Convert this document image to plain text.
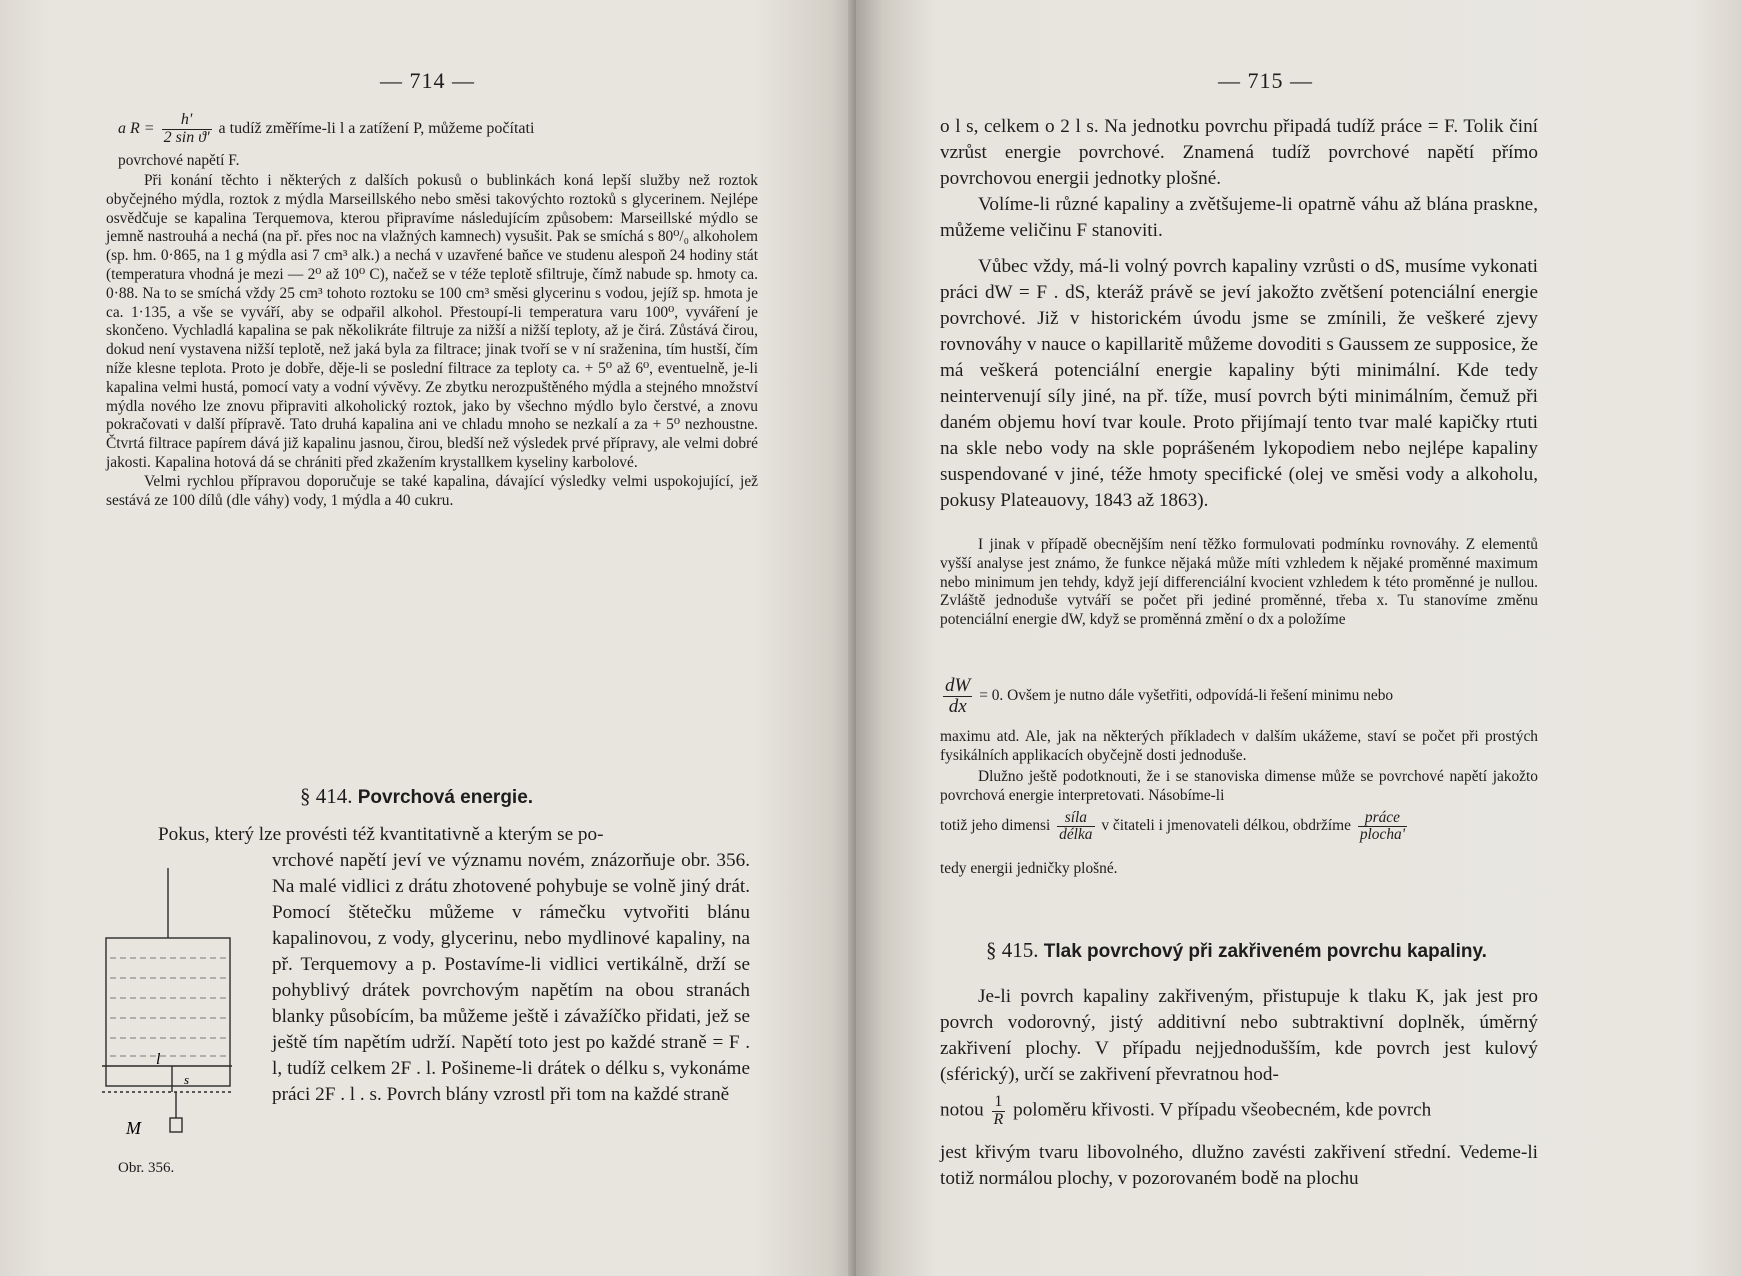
— 714 —
a $R = \frac{h'}{\text{2 sin ϑ'}}$ a tudíž změříme-li l a zatížení P, můžeme počítati
povrchové napětí F.

Při konání těchto i některých z dalších pokusů o bublinkách koná lepší služby než roztok obyčejného mýdla, roztok z mýdla Marseillského nebo směsi takovýchto roztoků s glycerinem. Nejlépe osvědčuje se kapalina Terquemova, kterou připravíme následujícím způsobem: Marseillské mýdlo se jemně nastrouhá a nechá (na př. přes noc na vlažných kamnech) vysušit. Pak se smíchá s 80⁰/₀ alkoholem (sp. hm. 0·865, na 1 g mýdla asi 7 cm³ alk.) a nechá v uzavřené baňce ve studenu alespoň 24 hodiny stát (temperatura vhodná je mezi — 2⁰ až 10⁰ C), načež se v téže teplotě sfiltruje, čímž nabude sp. hmoty ca. 0·88. Na to se smíchá vždy 25 cm³ tohoto roztoku se 100 cm³ směsi glycerinu s vodou, jejíž sp. hmota je ca. 1·135, a vše se vyváří, aby se odpařil alkohol. Přestoupí-li temperatura varu 100⁰, vyváření je skončeno. Vychladlá kapalina se pak několikráte filtruje za nižší a nižší teploty, až je čirá. Zůstává čirou, dokud není vystavena nižší teplotě, než jaká byla za filtrace; jinak tvoří se v ní sraženina, tím hustší, čím níže klesne teplota. Proto je dobře, děje-li se poslední filtrace za teploty ca. + 5⁰ až 6⁰, eventuelně, je-li kapalina velmi hustá, pomocí vaty a vodní vývěvy. Ze zbytku nerozpuštěného mýdla a stejného množství mýdla nového lze znovu připraviti alkoholický roztok, jako by všechno mýdlo bylo čerstvé, a znovu pokračovati v další přípravě. Tato druhá kapalina ani ve chladu mnoho se nezkalí a za + 5⁰ nezhoustne. Čtvrtá filtrace papírem dává již kapalinu jasnou, čirou, bledší než výsledek prvé přípravy, ale velmi dobré jakosti. Kapalina hotová dá se chrániti před zkažením krystallkem kyseliny karbolové.

Velmi rychlou přípravou doporučuje se také kapalina, dávající výsledky velmi uspokojující, jež sestává ze 100 dílů (dle váhy) vody, 1 mýdla a 40 cukru.

§ 414. Povrchová energie.
Pokus, který lze provésti též kvantitativně a kterým se po-
vrchové napětí jeví ve významu novém, znázorňuje obr. 356. Na malé vidlici z drátu zhotovené pohybuje se volně jiný drát. Pomocí štětečku můžeme v rámečku vytvořiti blánu kapalinovou, z vody, glycerinu, nebo mydlinové kapaliny, na př. Terquemovy a p. Postavíme-li vidlici vertikálně, drží se pohyblivý drátek povrchovým napětím na obou stranách blanky působícím, ba můžeme ještě i závažíčko přidati, jež se ještě tím napětím udrží. Napětí toto jest po každé straně = F . l, tudíž celkem 2F . l. Pošineme-li drátek o délku s, vykonáme práci 2F . l . s. Povrch blány vzrostl při tom na každé straně
l
s
M
Obr. 356.
— 715 —
o l s, celkem o 2 l s. Na jednotku povrchu připadá tudíž práce = F. Tolik činí vzrůst energie povrchové. Znamená tudíž povrchové napětí přímo povrchovou energii jednotky plošné.

Volíme-li různé kapaliny a zvětšujeme-li opatrně váhu až blána praskne, můžeme veličinu F stanoviti.

Vůbec vždy, má-li volný povrch kapaliny vzrůsti o dS, musíme vykonati práci dW = F . dS, kteráž právě se jeví jakožto zvětšení potenciální energie povrchové. Již v historickém úvodu jsme se zmínili, že veškeré zjevy rovnováhy v nauce o kapillaritě můžeme dovoditi s Gaussem ze supposice, že má veškerá potenciální energie kapaliny býti minimální. Kde tedy neintervenují síly jiné, na př. tíže, musí povrch býti minimálním, čemuž při daném objemu hoví tvar koule. Proto přijímají tento tvar malé kapičky rtuti na skle nebo vody na skle poprášeném lykopodiem nebo nejlépe kapaliny suspendované v jiné, téže hmoty specifické (olej ve směsi vody a alkoholu, pokusy Plateauovy, 1843 až 1863).

I jinak v případě obecnějším není těžko formulovati podmínku rovnováhy. Z elementů vyšší analyse jest známo, že funkce nějaká může míti vzhledem k nějaké proměnné maximum nebo minimum jen tehdy, když její differenciální kvocient vzhledem k této proměnné je nullou. Zvláště jednoduše vytváří se počet při jediné proměnné, třeba x. Tu stanovíme změnu potenciální energie dW, když se proměnná změní o dx a položíme

$\frac{dW}{dx} = 0$. Ovšem je nutno dále vyšetřiti, odpovídá-li řešení minimu nebo
maximu atd. Ale, jak na některých příkladech v dalším ukážeme, staví se počet při prostých fysikálních applikacích obyčejně dosti jednoduše.

Dlužno ještě podotknouti, že i se stanoviska dimense může se povrchové napětí jakožto povrchová energie interpretovati. Násobíme-li

totiž jeho dimensi $\frac{\text{síla}}{\text{délka}}$ v čitateli i jmenovateli délkou, obdržíme $\frac{\text{práce}}{\text{plocha'}}$
tedy energii jedničky plošné.
§ 415. Tlak povrchový při zakřiveném povrchu kapaliny.

Je-li povrch kapaliny zakřiveným, přistupuje k tlaku K, jak jest pro povrch vodorovný, jistý additivní nebo subtraktivní doplněk, úměrný zakřivení plochy. V případu nejjednodušším, kde povrch jest kulový (sférický), určí se zakřivení převratnou hod-

notou $\frac{1}{R}$ poloměru křivosti. V případu všeobecném, kde povrch
jest křivým tvaru libovolného, dlužno zavésti zakřivení střední. Vedeme-li totiž normálou plochy, v pozorovaném bodě na plochu
